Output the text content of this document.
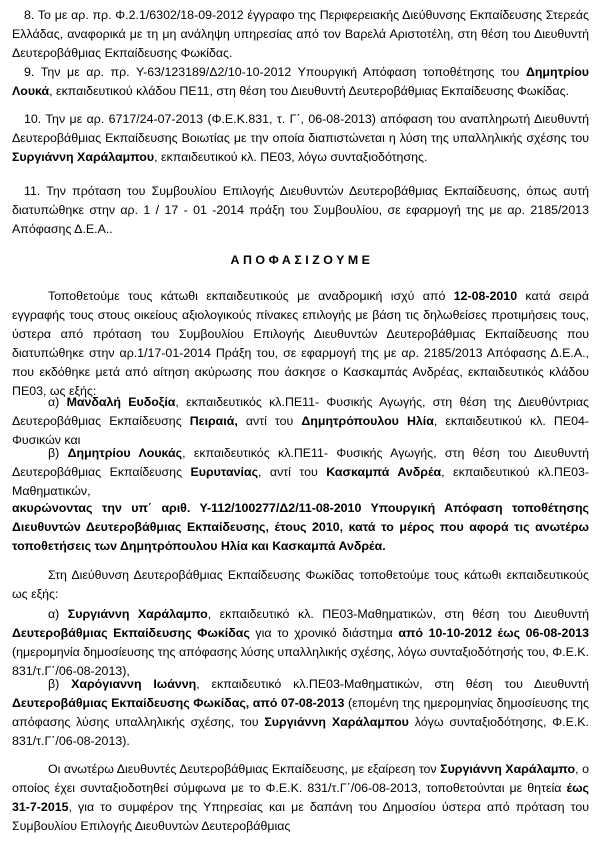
8. Το με αρ. πρ. Φ.2.1/6302/18-09-2012 έγγραφο της Περιφερειακής Διεύθυνσης Εκπαίδευσης Στερεάς Ελλάδας, αναφορικά με τη μη ανάληψη υπηρεσίας από τον Βαρελά Αριστοτέλη, στη θέση του Διευθυντή Δευτεροβάθμιας Εκπαίδευσης Φωκίδας.

9. Την με αρ. πρ. Υ-63/123189/Δ2/10-10-2012 Υπουργική Απόφαση τοποθέτησης του Δημητρίου Λουκά, εκπαιδευτικού κλάδου ΠΕ11, στη θέση του Διευθυντή Δευτεροβάθμιας Εκπαίδευσης Φωκίδας.

10. Την με αρ. 6717/24-07-2013 (Φ.Ε.Κ.831, τ. Γ΄, 06-08-2013) απόφαση του αναπληρωτή Διευθυντή Δευτεροβάθμιας Εκπαίδευσης Βοιωτίας με την οποία διαπιστώνεται η λύση της υπαλληλικής σχέσης του Συργιάννη Χαράλαμπου, εκπαιδευτικού κλ. ΠΕ03, λόγω συνταξιοδότησης.

11. Την πρόταση του Συμβουλίου Επιλογής Διευθυντών Δευτεροβάθμιας Εκπαίδευσης, όπως αυτή διατυπώθηκε στην αρ. 1 / 17 - 01 -2014 πράξη του Συμβουλίου, σε εφαρμογή της με αρ. 2185/2013 Απόφασης Δ.Ε.Α..

ΑΠΟΦΑΣΙΖΟΥΜΕ

Τοποθετούμε τους κάτωθι εκπαιδευτικούς με αναδρομική ισχύ από 12-08-2010 κατά σειρά εγγραφής τους στους οικείους αξιολογικούς πίνακες επιλογής με βάση τις δηλωθείσες προτιμήσεις τους, ύστερα από πρόταση του Συμβουλίου Επιλογής Διευθυντών Δευτεροβάθμιας Εκπαίδευσης που διατυπώθηκε στην αρ.1/17-01-2014 Πράξη του, σε εφαρμογή της με αρ. 2185/2013 Απόφασης Δ.Ε.Α., που εκδόθηκε μετά από αίτηση ακύρωσης που άσκησε ο Κασκαμπάς Ανδρέας, εκπαιδευτικός κλάδου ΠΕ03, ως εξής:

α) Μανδαλή Ευδοξία, εκπαιδευτικός κλ.ΠΕ11- Φυσικής Αγωγής, στη θέση της Διευθύντριας Δευτεροβάθμιας Εκπαίδευσης Πειραιά, αντί του Δημητρόπουλου Ηλία, εκπαιδευτικού κλ. ΠΕ04-Φυσικών και

β) Δημητρίου Λουκάς, εκπαιδευτικός κλ.ΠΕ11- Φυσικής Αγωγής, στη θέση του Διευθυντή Δευτεροβάθμιας Εκπαίδευσης Ευρυτανίας, αντί του Κασκαμπά Ανδρέα, εκπαιδευτικού κλ.ΠΕ03-Μαθηματικών,

ακυρώνοντας την υπ΄ αριθ. Υ-112/100277/Δ2/11-08-2010 Υπουργική Απόφαση τοποθέτησης Διευθυντών Δευτεροβάθμιας Εκπαίδευσης, έτους 2010, κατά το μέρος που αφορά τις ανωτέρω τοποθετήσεις των Δημητρόπουλου Ηλία και Κασκαμπά Ανδρέα.

Στη Διεύθυνση Δευτεροβάθμιας Εκπαίδευσης Φωκίδας τοποθετούμε τους κάτωθι εκπαιδευτικούς ως εξής:

α) Συργιάννη Χαράλαμπο, εκπαιδευτικό κλ. ΠΕ03-Μαθηματικών, στη θέση του Διευθυντή Δευτεροβάθμιας Εκπαίδευσης Φωκίδας για το χρονικό διάστημα από 10-10-2012 έως 06-08-2013 (ημερομηνία δημοσίευσης της απόφασης λύσης υπαλληλικής σχέσης, λόγω συνταξιοδότησής του, Φ.Ε.Κ. 831/τ.Γ΄/06-08-2013),

β) Χαρόγιαννη Ιωάννη, εκπαιδευτικό κλ.ΠΕ03-Μαθηματικών, στη θέση του Διευθυντή Δευτεροβάθμιας Εκπαίδευσης Φωκίδας, από 07-08-2013 (επομένη της ημερομηνίας δημοσίευσης της απόφασης λύσης υπαλληλικής σχέσης, του Συργιάννη Χαράλαμπου λόγω συνταξιοδότησης, Φ.Ε.Κ. 831/τ.Γ΄/06-08-2013).

Οι ανωτέρω Διευθυντές Δευτεροβάθμιας Εκπαίδευσης, με εξαίρεση τον Συργιάννη Χαράλαμπο, ο οποίος έχει συνταξιοδοτηθεί σύμφωνα με το Φ.Ε.Κ. 831/τ.Γ΄/06-08-2013, τοποθετούνται με θητεία έως 31-7-2015, για το συμφέρον της Υπηρεσίας και με δαπάνη του Δημοσίου ύστερα από πρόταση του Συμβουλίου Επιλογής Διευθυντών Δευτεροβάθμιας
